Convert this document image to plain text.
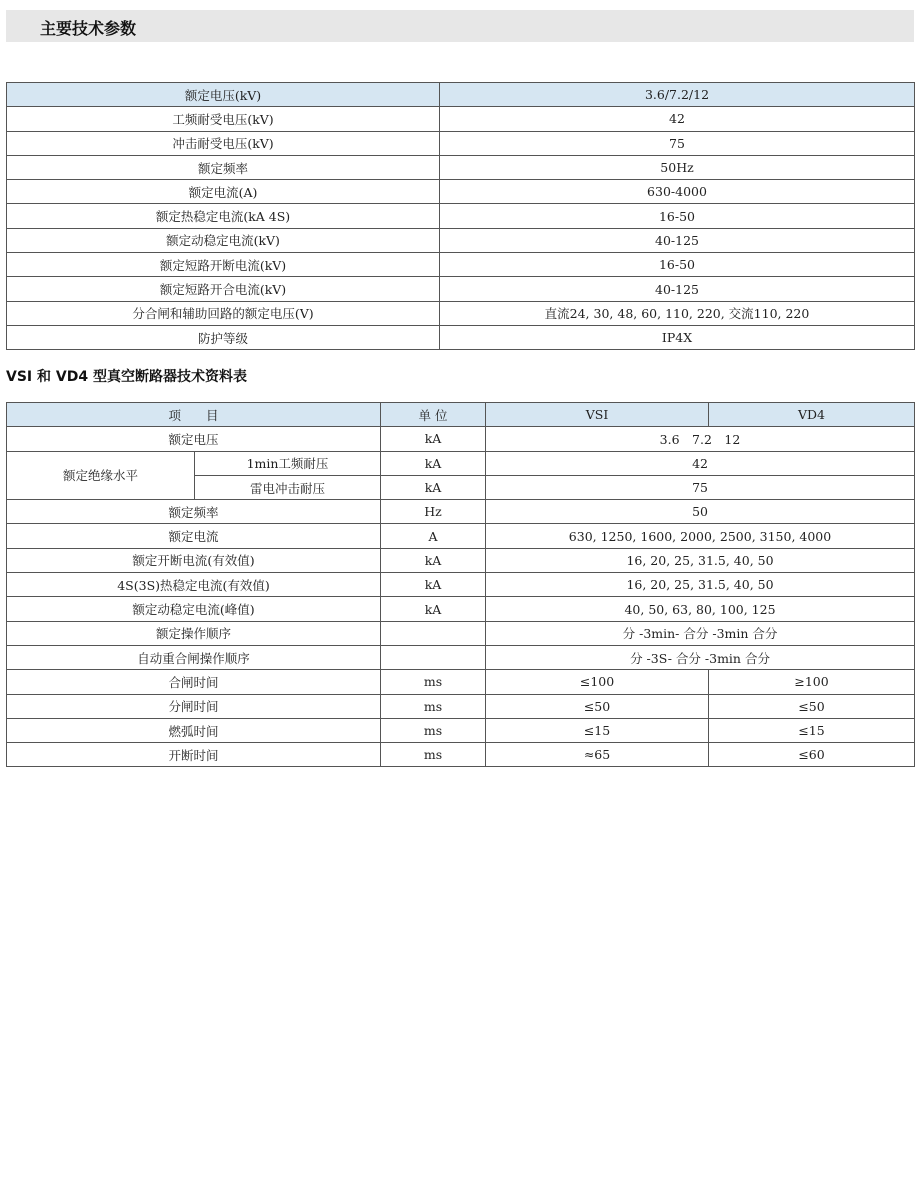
主要技术参数
额定电压(kV)	3.6/7.2/12
工频耐受电压(kV)	42
冲击耐受电压(kV)	75
额定频率	50Hz
额定电流(A)	630-4000
额定热稳定电流(kA 4S)	16-50
额定动稳定电流(kV)	40-125
额定短路开断电流(kV)	16-50
额定短路开合电流(kV)	40-125
分合闸和辅助回路的额定电压(V)	直流24, 30, 48, 60, 110, 220, 交流110, 220
防护等级	IP4X
VSI 和 VD4 型真空断路器技术资料表
项　　目		单 位	VSI	VD4
额定电压		kA	3.6　7.2　12	
额定绝缘水平	1min工频耐压	kA	42	
	雷电冲击耐压	kA	75	
额定频率		Hz	50	
额定电流		A	630, 1250, 1600, 2000, 2500, 3150, 4000	
额定开断电流(有效值)		kA	16, 20, 25, 31.5, 40, 50	
4S(3S)热稳定电流(有效值)		kA	16, 20, 25, 31.5, 40, 50	
额定动稳定电流(峰值)		kA	40, 50, 63, 80, 100, 125	
额定操作顺序			分 -3min- 合分 -3min 合分	
自动重合闸操作顺序			分 -3S- 合分 -3min 合分	
合闸时间		ms	≤100	≥100
分闸时间		ms	≤50	≤50
燃弧时间		ms	≤15	≤15
开断时间		ms	≈65	≤60
